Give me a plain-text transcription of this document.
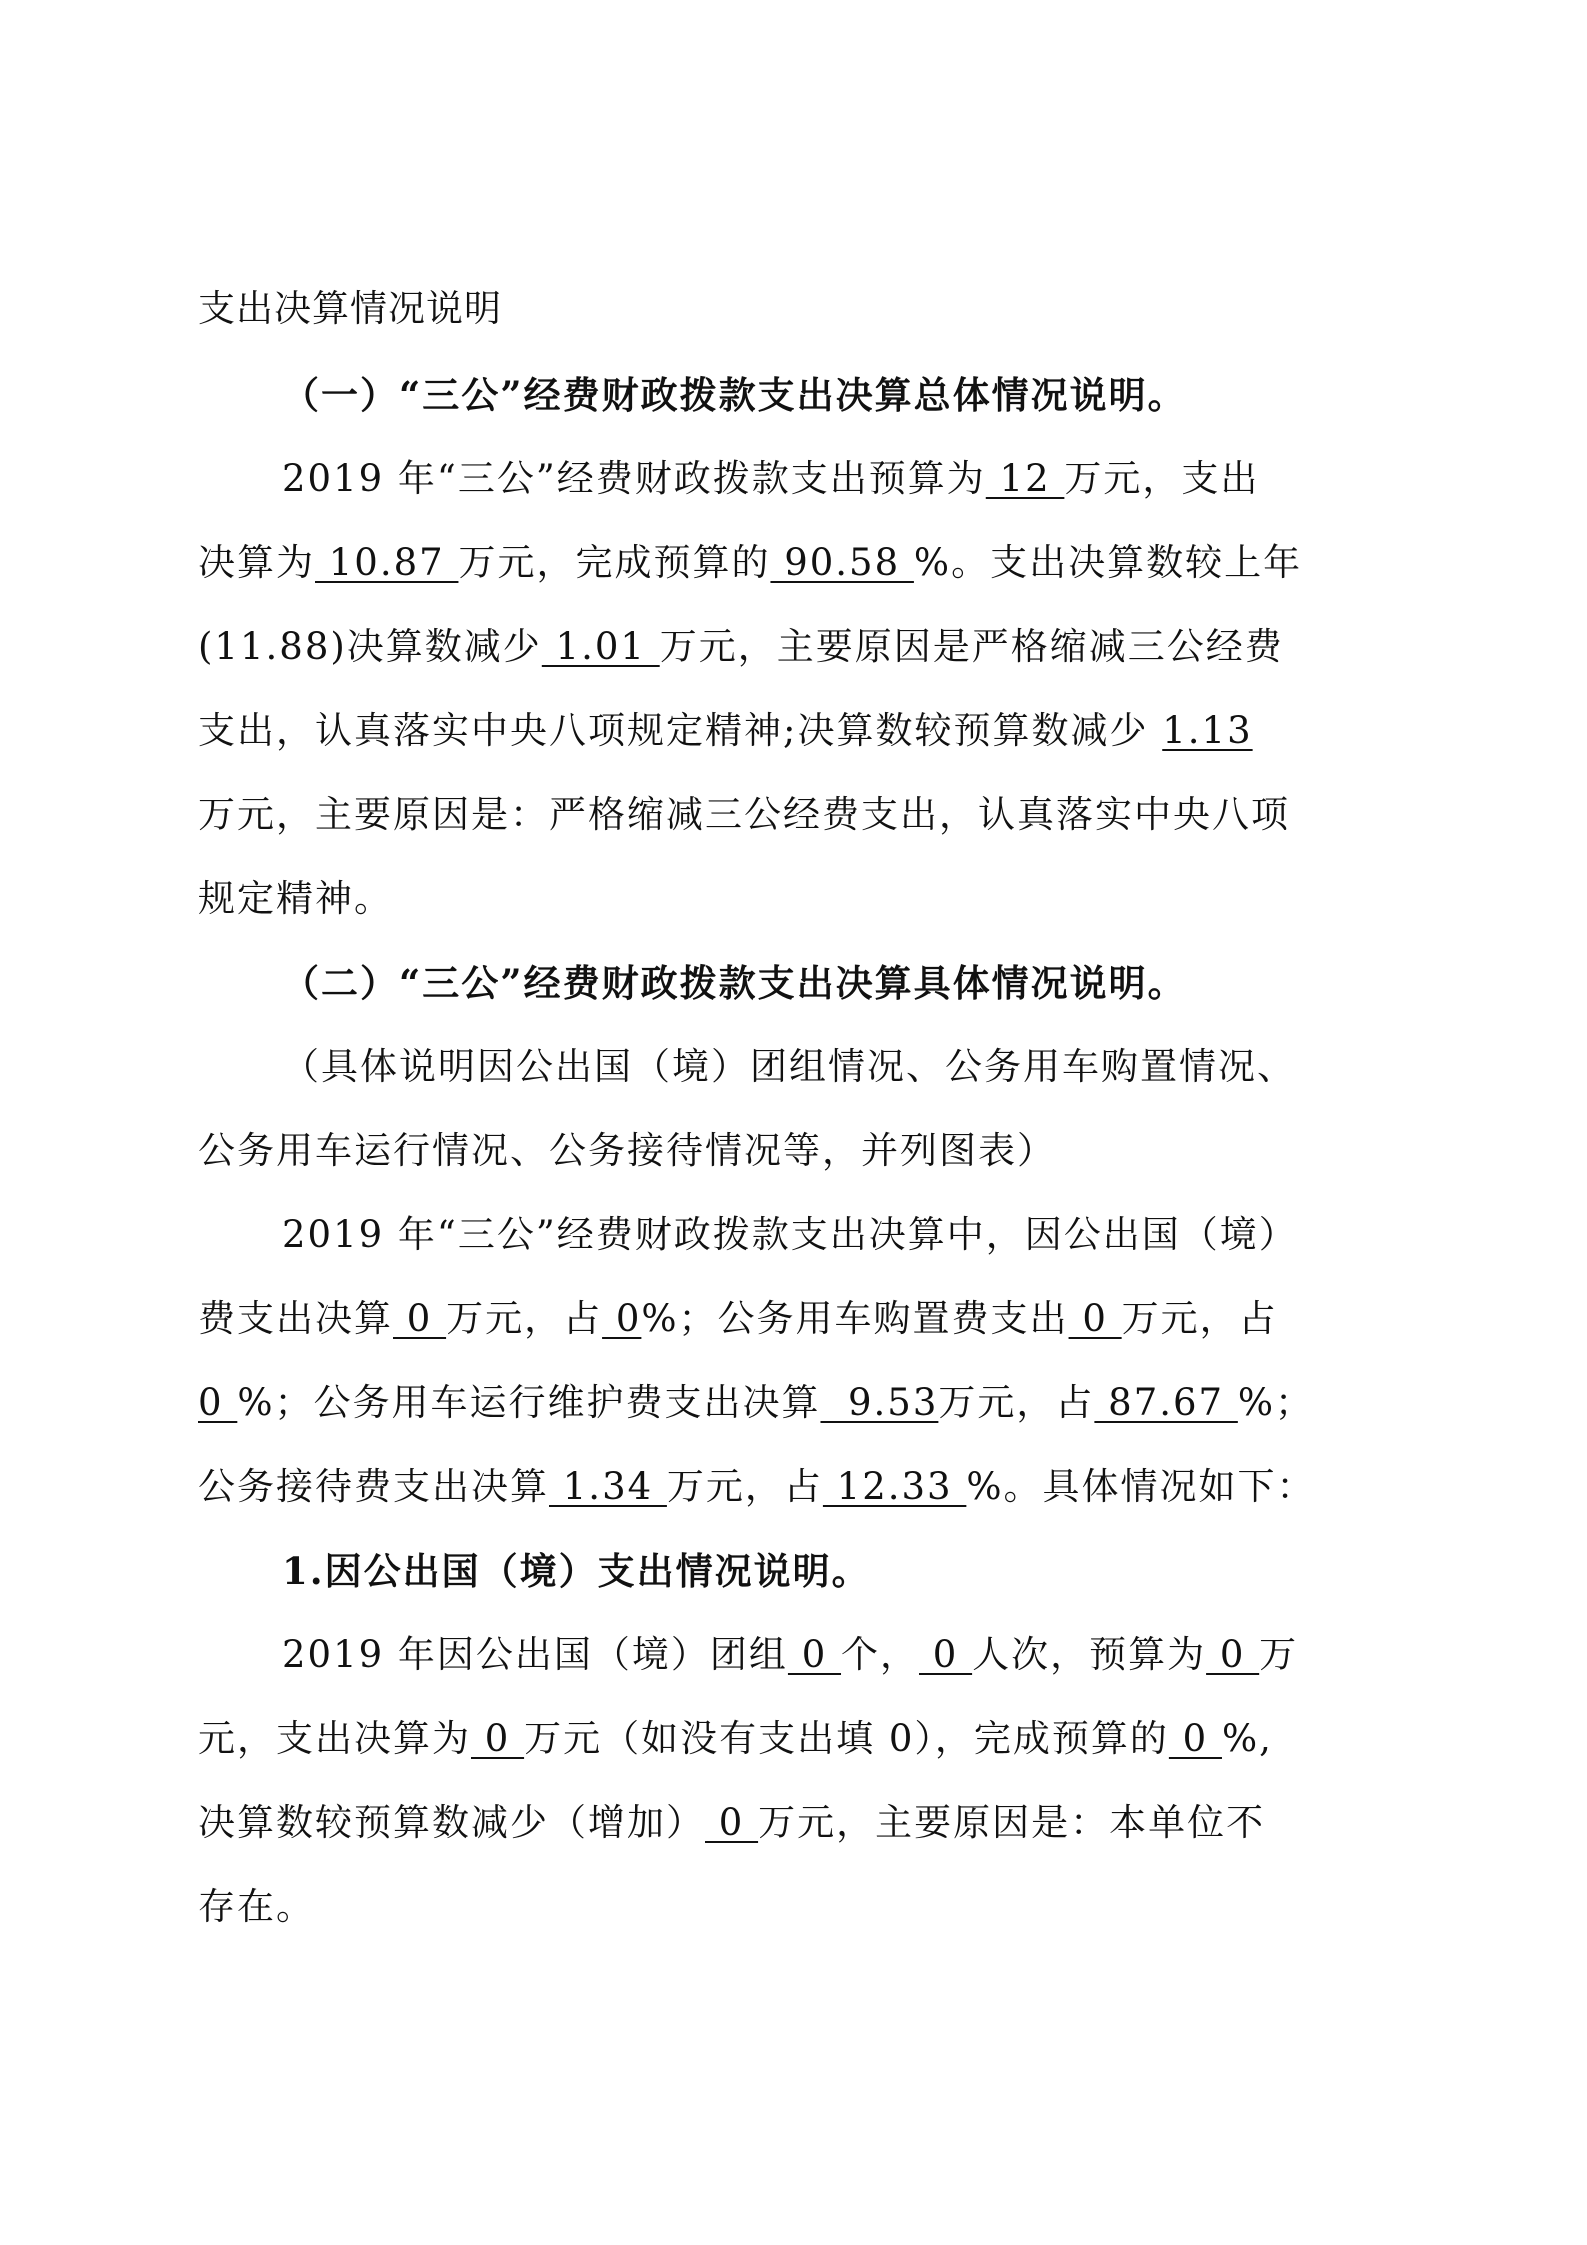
支出决算情况说明
（一）“三公”经费财政拨款支出决算总体情况说明。
2019 年“三公”经费财政拨款支出预算为 12 万元，支出
决算为 10.87 万元，完成预算的 90.58 %。支出决算数较上年
(11.88)决算数减少 1.01 万元，主要原因是严格缩减三公经费
支出，认真落实中央八项规定精神;决算数较预算数减少 1.13
万元，主要原因是：严格缩减三公经费支出，认真落实中央八项
规定精神。
（二）“三公”经费财政拨款支出决算具体情况说明。
（具体说明因公出国（境）团组情况、公务用车购置情况、
公务用车运行情况、公务接待情况等，并列图表）
2019 年“三公”经费财政拨款支出决算中，因公出国（境）
费支出决算 0 万元，占 0%；公务用车购置费支出 0 万元，占
0 %；公务用车运行维护费支出决算  9.53万元，占 87.67 %；
公务接待费支出决算 1.34 万元，占 12.33 %。具体情况如下：
1.因公出国（境）支出情况说明。
2019 年因公出国（境）团组 0 个， 0 人次，预算为 0 万
元，支出决算为 0 万元（如没有支出填 0），完成预算的 0 %,
决算数较预算数减少（增加） 0 万元，主要原因是：本单位不
存在。
